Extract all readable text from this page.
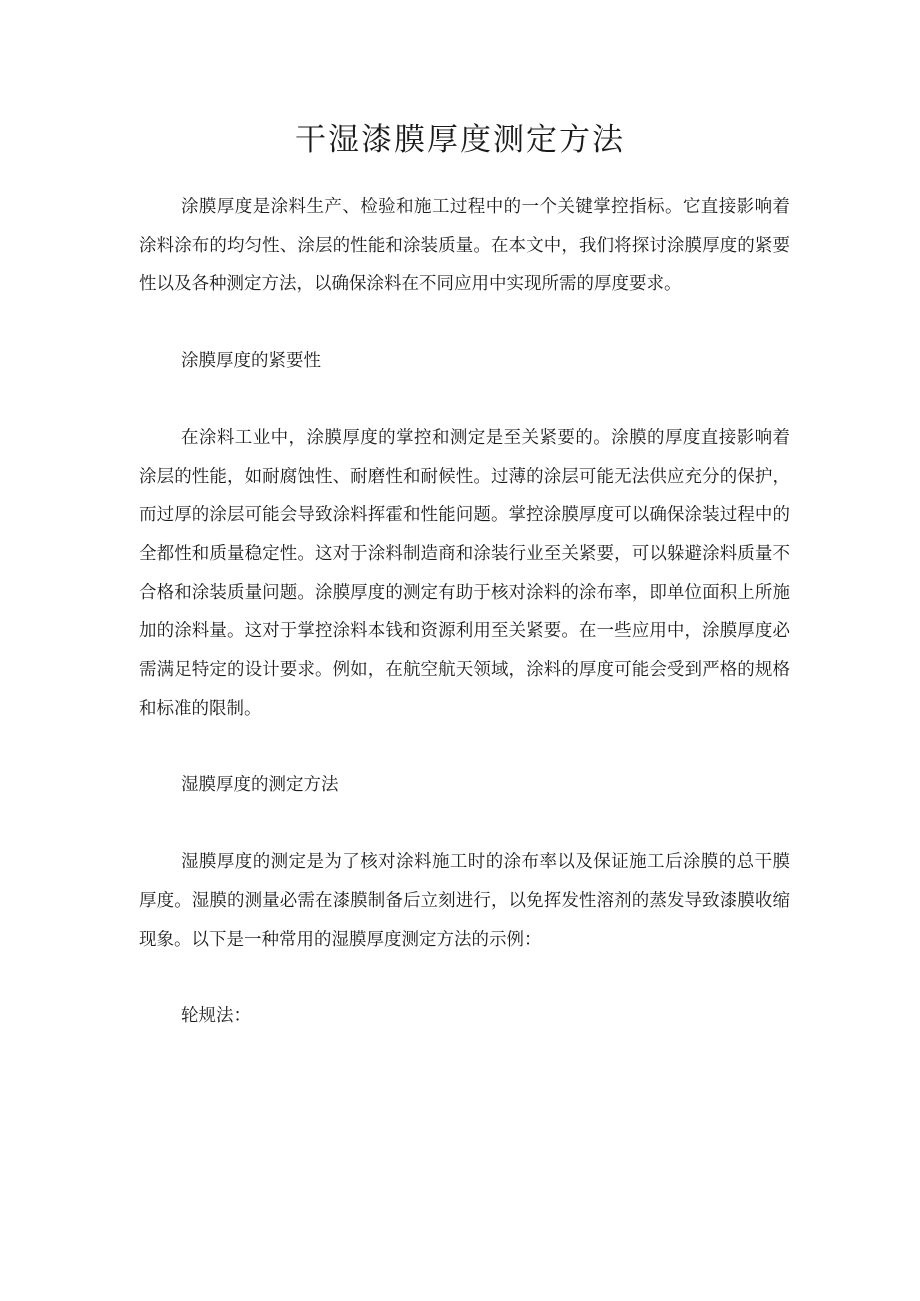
干湿漆膜厚度测定方法

涂膜厚度是涂料生产、检验和施工过程中的一个关键掌控指标。它直接影响着涂料涂布的均匀性、涂层的性能和涂装质量。在本文中，我们将探讨涂膜厚度的紧要性以及各种测定方法，以确保涂料在不同应用中实现所需的厚度要求。

涂膜厚度的紧要性

在涂料工业中，涂膜厚度的掌控和测定是至关紧要的。涂膜的厚度直接影响着涂层的性能，如耐腐蚀性、耐磨性和耐候性。过薄的涂层可能无法供应充分的保护，而过厚的涂层可能会导致涂料挥霍和性能问题。掌控涂膜厚度可以确保涂装过程中的全都性和质量稳定性。这对于涂料制造商和涂装行业至关紧要，可以躲避涂料质量不合格和涂装质量问题。涂膜厚度的测定有助于核对涂料的涂布率，即单位面积上所施加的涂料量。这对于掌控涂料本钱和资源利用至关紧要。在一些应用中，涂膜厚度必需满足特定的设计要求。例如，在航空航天领域，涂料的厚度可能会受到严格的规格和标准的限制。

湿膜厚度的测定方法

湿膜厚度的测定是为了核对涂料施工时的涂布率以及保证施工后涂膜的总干膜厚度。湿膜的测量必需在漆膜制备后立刻进行，以免挥发性溶剂的蒸发导致漆膜收缩现象。以下是一种常用的湿膜厚度测定方法的示例：

轮规法：
